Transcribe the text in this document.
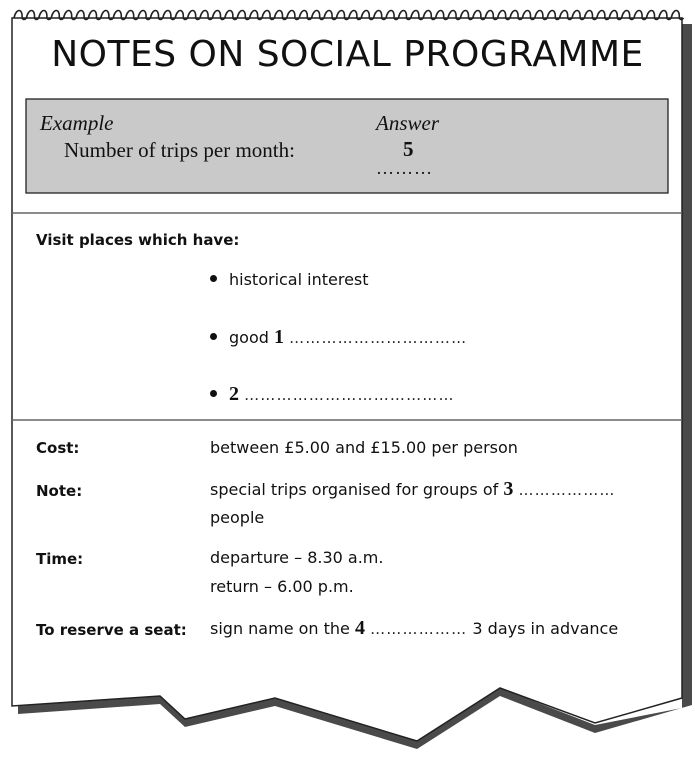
NOTES ON SOCIAL PROGRAMME
Example	Answer
Number of trips per month:	5
………
Visit places which have:
historical interest
good 1 ……………………………
2 …………………………………
Cost:	between £5.00 and £15.00 per person
Note:	special trips organised for groups of 3 ………………
people
Time:	departure – 8.30 a.m.
return – 6.00 p.m.
To reserve a seat: sign name on the 4 ……………… 3 days in advance
